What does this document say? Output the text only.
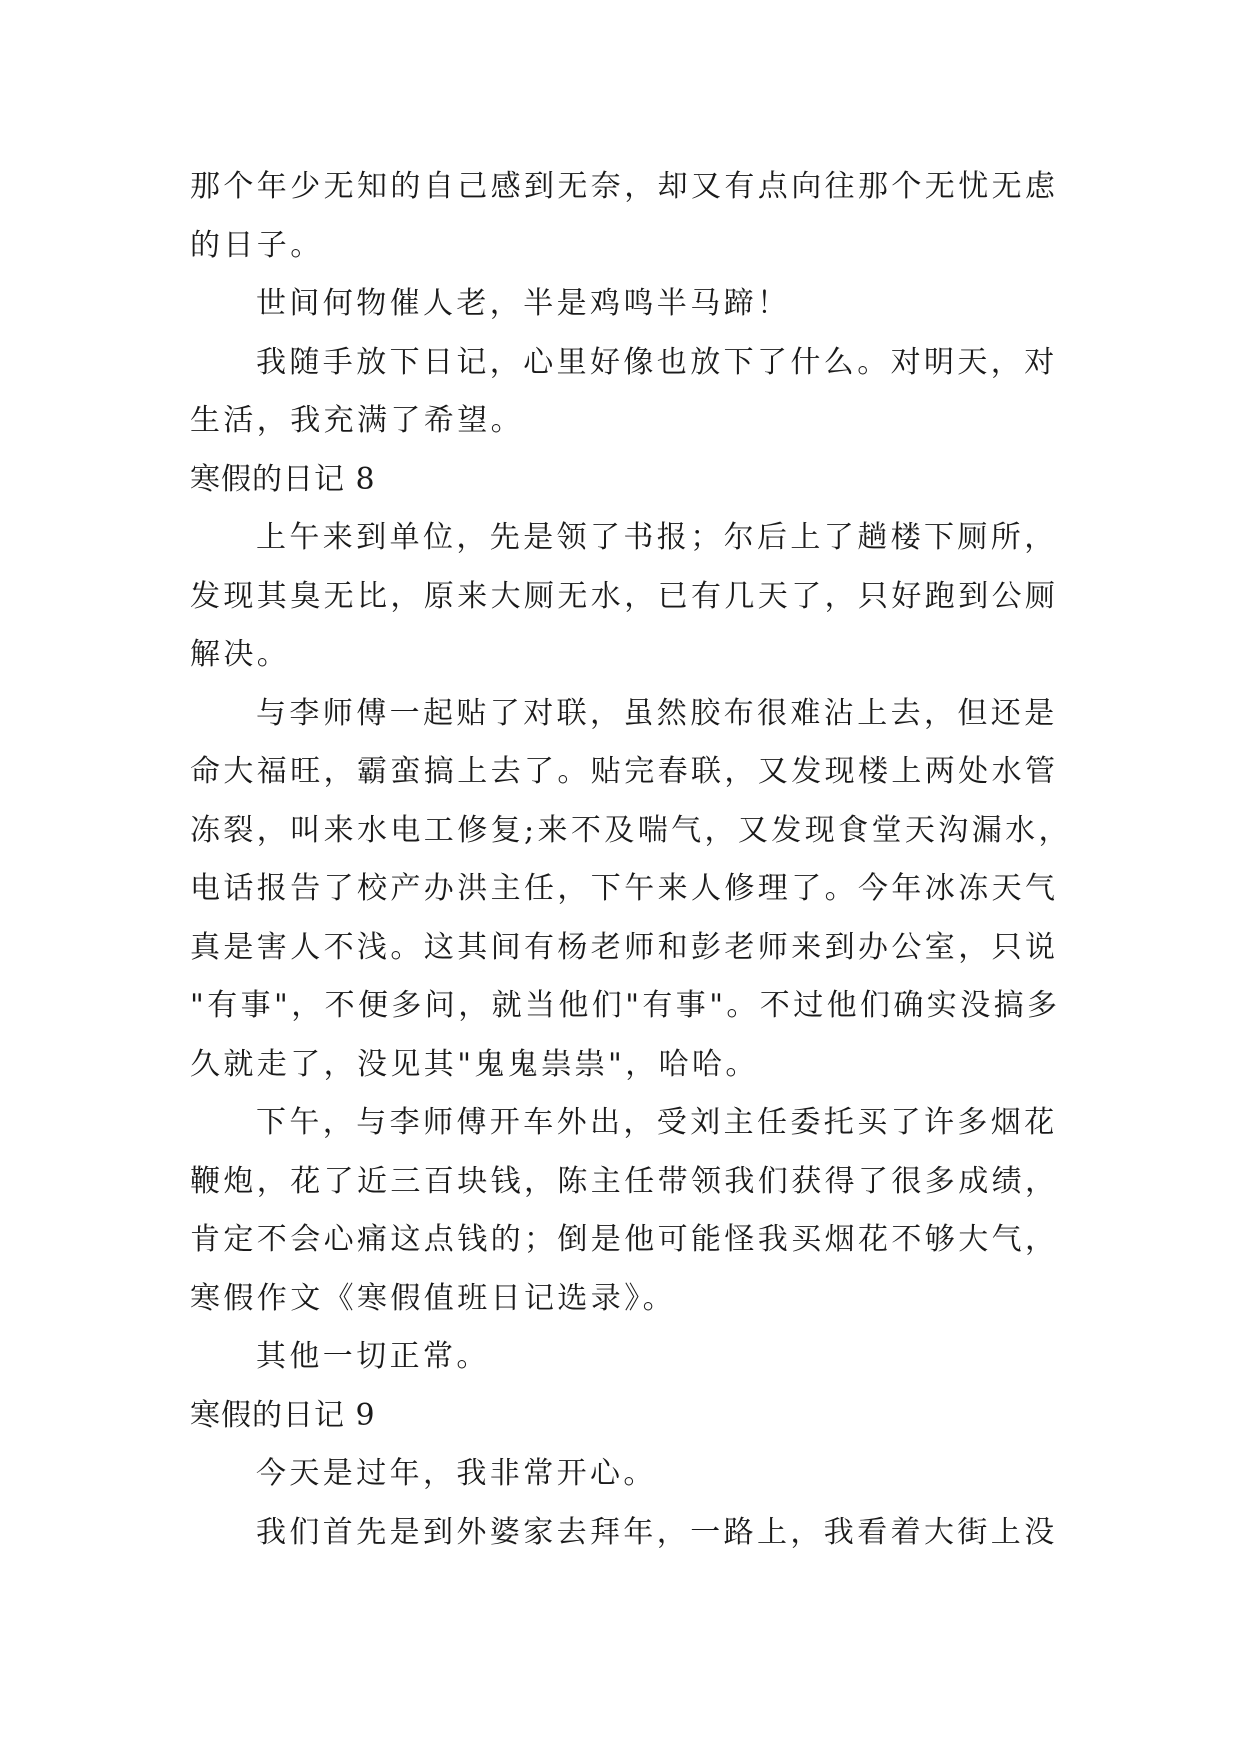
那个年少无知的自己感到无奈，却又有点向往那个无忧无虑
的日子。
世间何物催人老，半是鸡鸣半马蹄！
我随手放下日记，心里好像也放下了什么。对明天，对
生活，我充满了希望。
寒假的日记 8
上午来到单位，先是领了书报；尔后上了趟楼下厕所，
发现其臭无比，原来大厕无水，已有几天了，只好跑到公厕
解决。
与李师傅一起贴了对联，虽然胶布很难沾上去，但还是
命大福旺，霸蛮搞上去了。贴完春联，又发现楼上两处水管
冻裂，叫来水电工修复;来不及喘气，又发现食堂天沟漏水，
电话报告了校产办洪主任，下午来人修理了。今年冰冻天气
真是害人不浅。这其间有杨老师和彭老师来到办公室，只说
"有事"，不便多问，就当他们"有事"。不过他们确实没搞多
久就走了，没见其"鬼鬼祟祟"，哈哈。
下午，与李师傅开车外出，受刘主任委托买了许多烟花
鞭炮，花了近三百块钱，陈主任带领我们获得了很多成绩，
肯定不会心痛这点钱的；倒是他可能怪我买烟花不够大气，
寒假作文《寒假值班日记选录》。
其他一切正常。
寒假的日记 9
今天是过年，我非常开心。
我们首先是到外婆家去拜年，一路上，我看着大街上没
